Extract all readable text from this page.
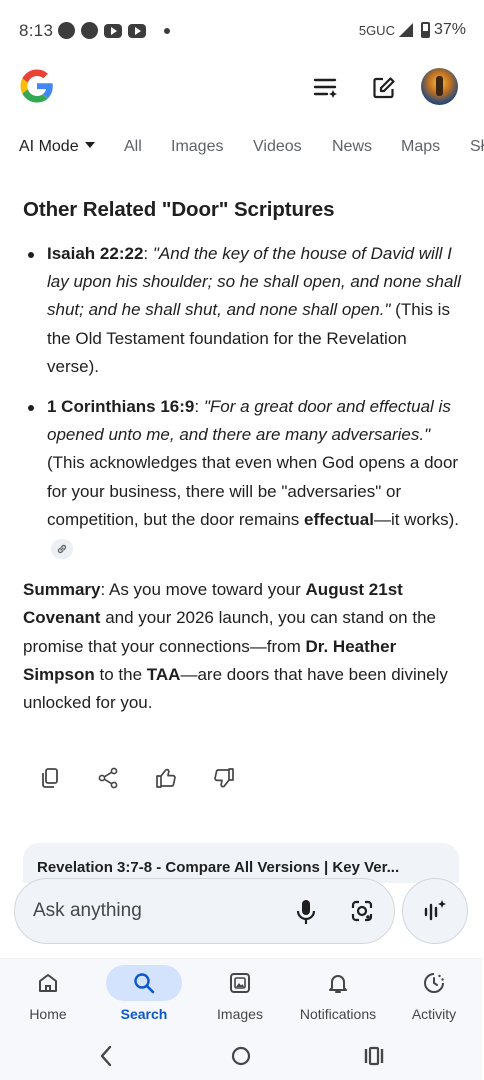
8:13	5GUC 37%
AI Mode	All Images Videos News Maps Sł
Other Related "Door" Scriptures
Isaiah 22:22: "And the key of the house of David will I lay upon his shoulder; so he shall open, and none shall shut; and he shall shut, and none shall open." (This is the Old Testament foundation for the Revelation verse).
1 Corinthians 16:9: "For a great door and effectual is opened unto me, and there are many adversaries." (This acknowledges that even when God opens a door for your business, there will be "adversaries" or competition, but the door remains effectual—it works).

Summary: As you move toward your August 21st Covenant and your 2026 launch, you can stand on the promise that your connections—from Dr. Heather Simpson to the TAA—are doors that have been divinely unlocked for you.

Revelation 3:7-8 - Compare All Versions | Key Ver...
Ask anything
Home	Search	Images	Notifications	Activity
